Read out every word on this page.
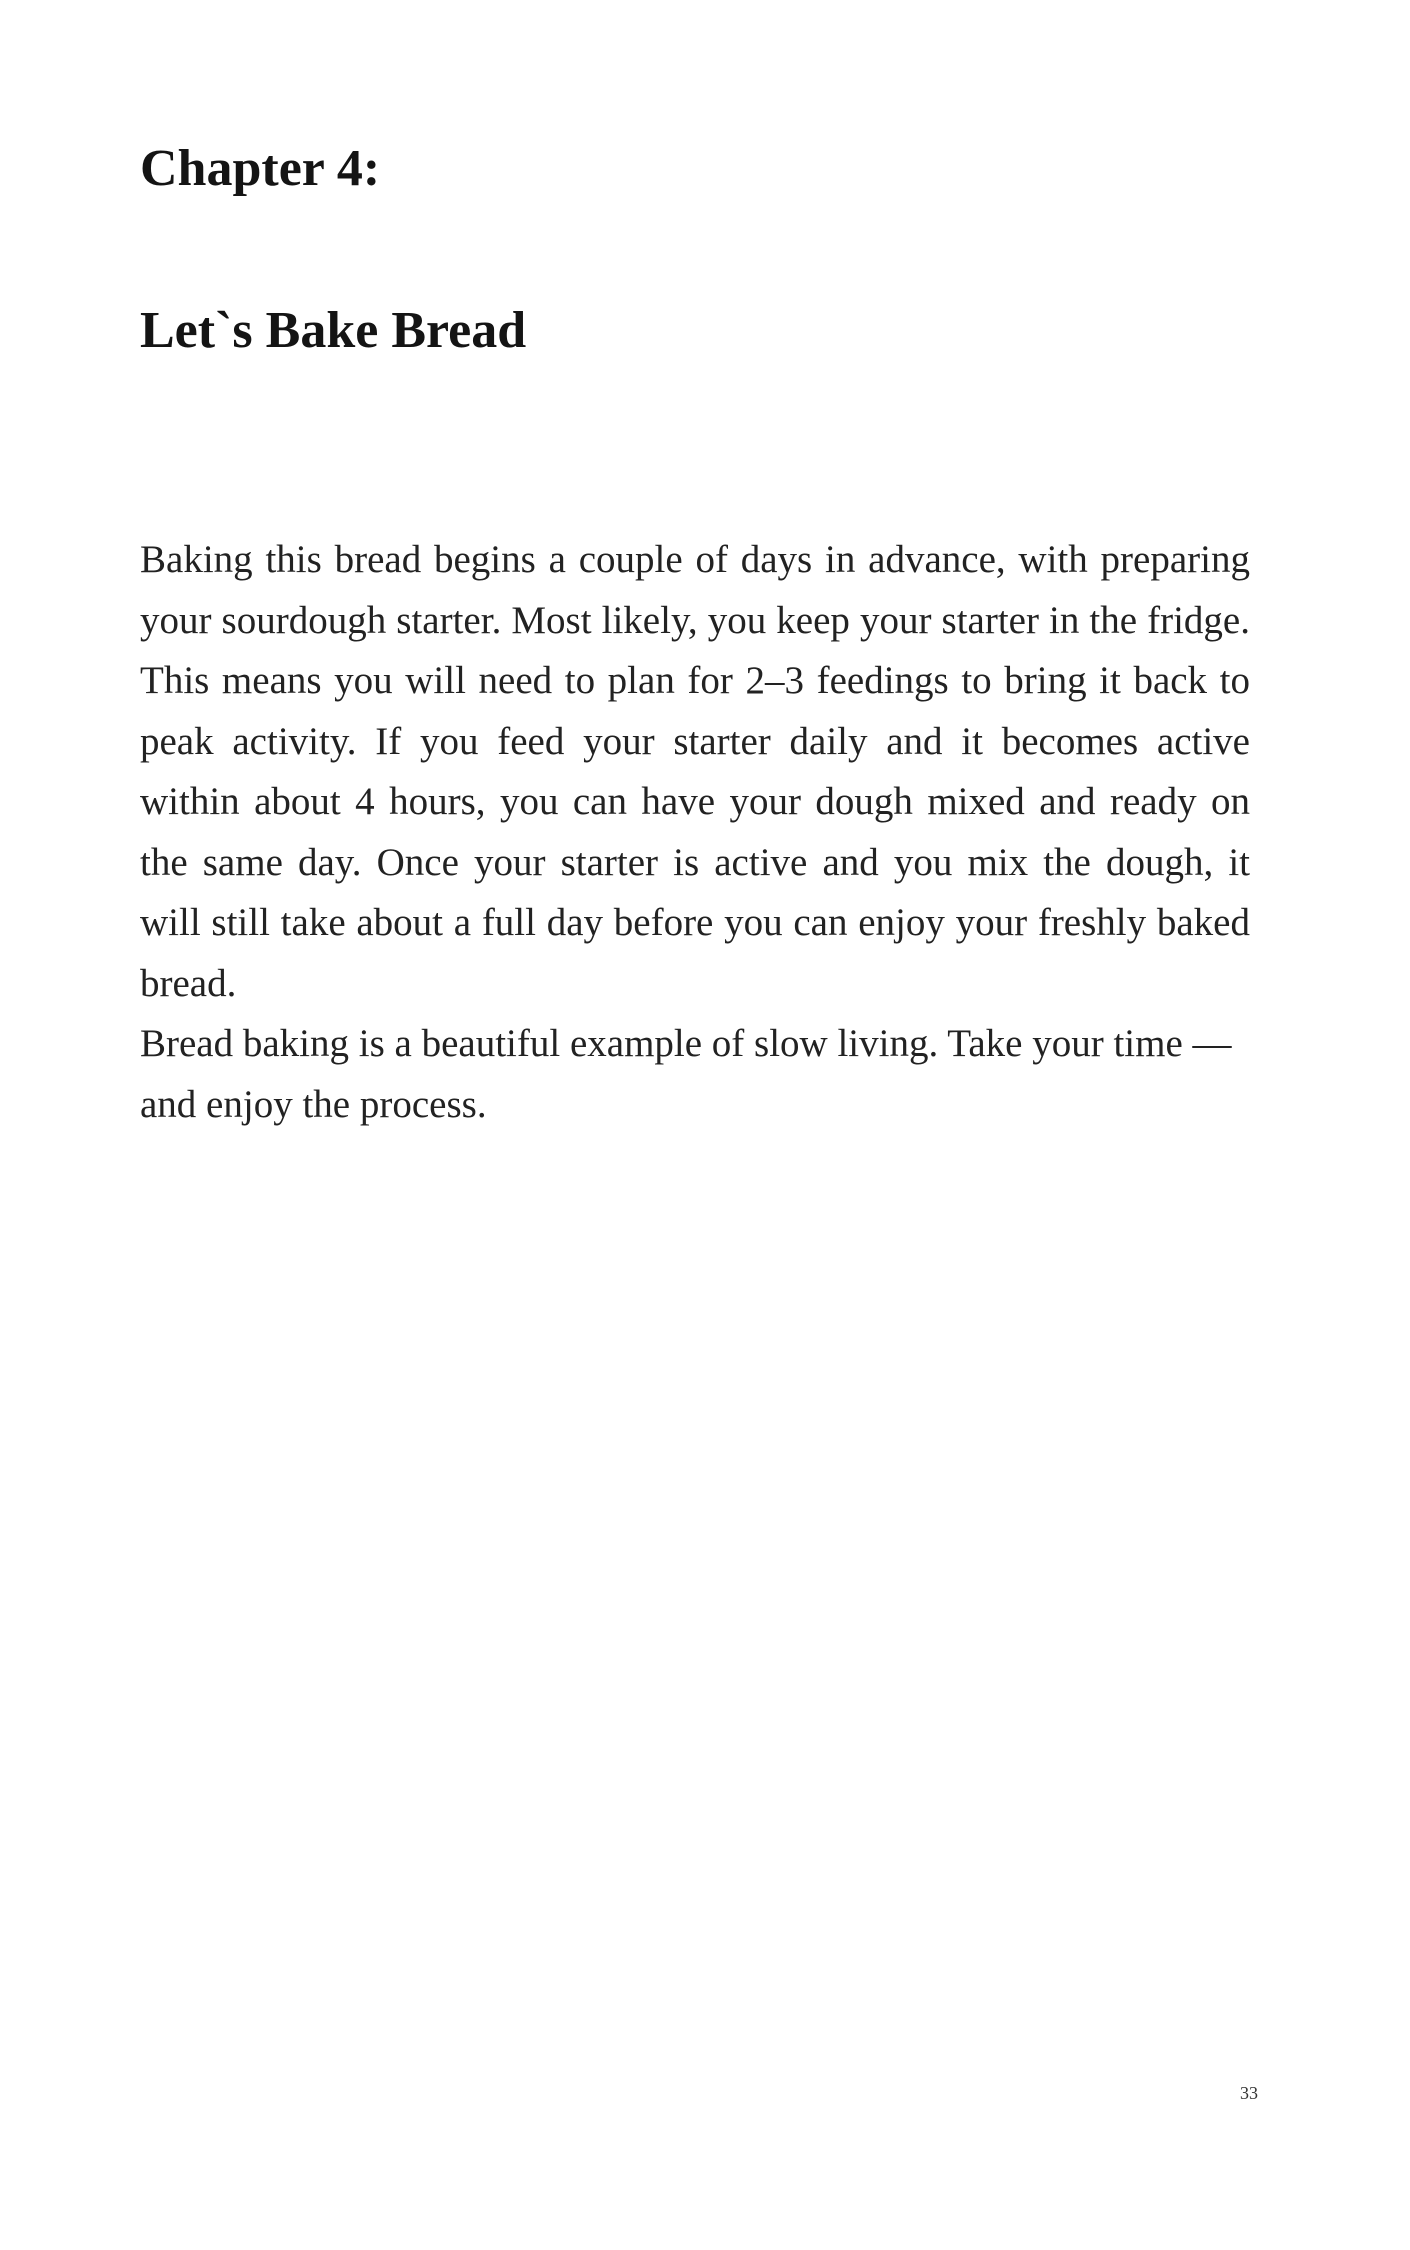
Chapter 4:
Let`s Bake Bread

Baking this bread begins a couple of days in advance, with preparing your sourdough starter. Most likely, you keep your starter in the fridge. This means you will need to plan for 2–3 feedings to bring it back to peak activity. If you feed your starter daily and it becomes active within about 4 hours, you can have your dough mixed and ready on the same day. Once your starter is active and you mix the dough, it will still take about a full day before you can enjoy your freshly baked bread.

Bread baking is a beautiful example of slow living. Take your time — and enjoy the process.

33
